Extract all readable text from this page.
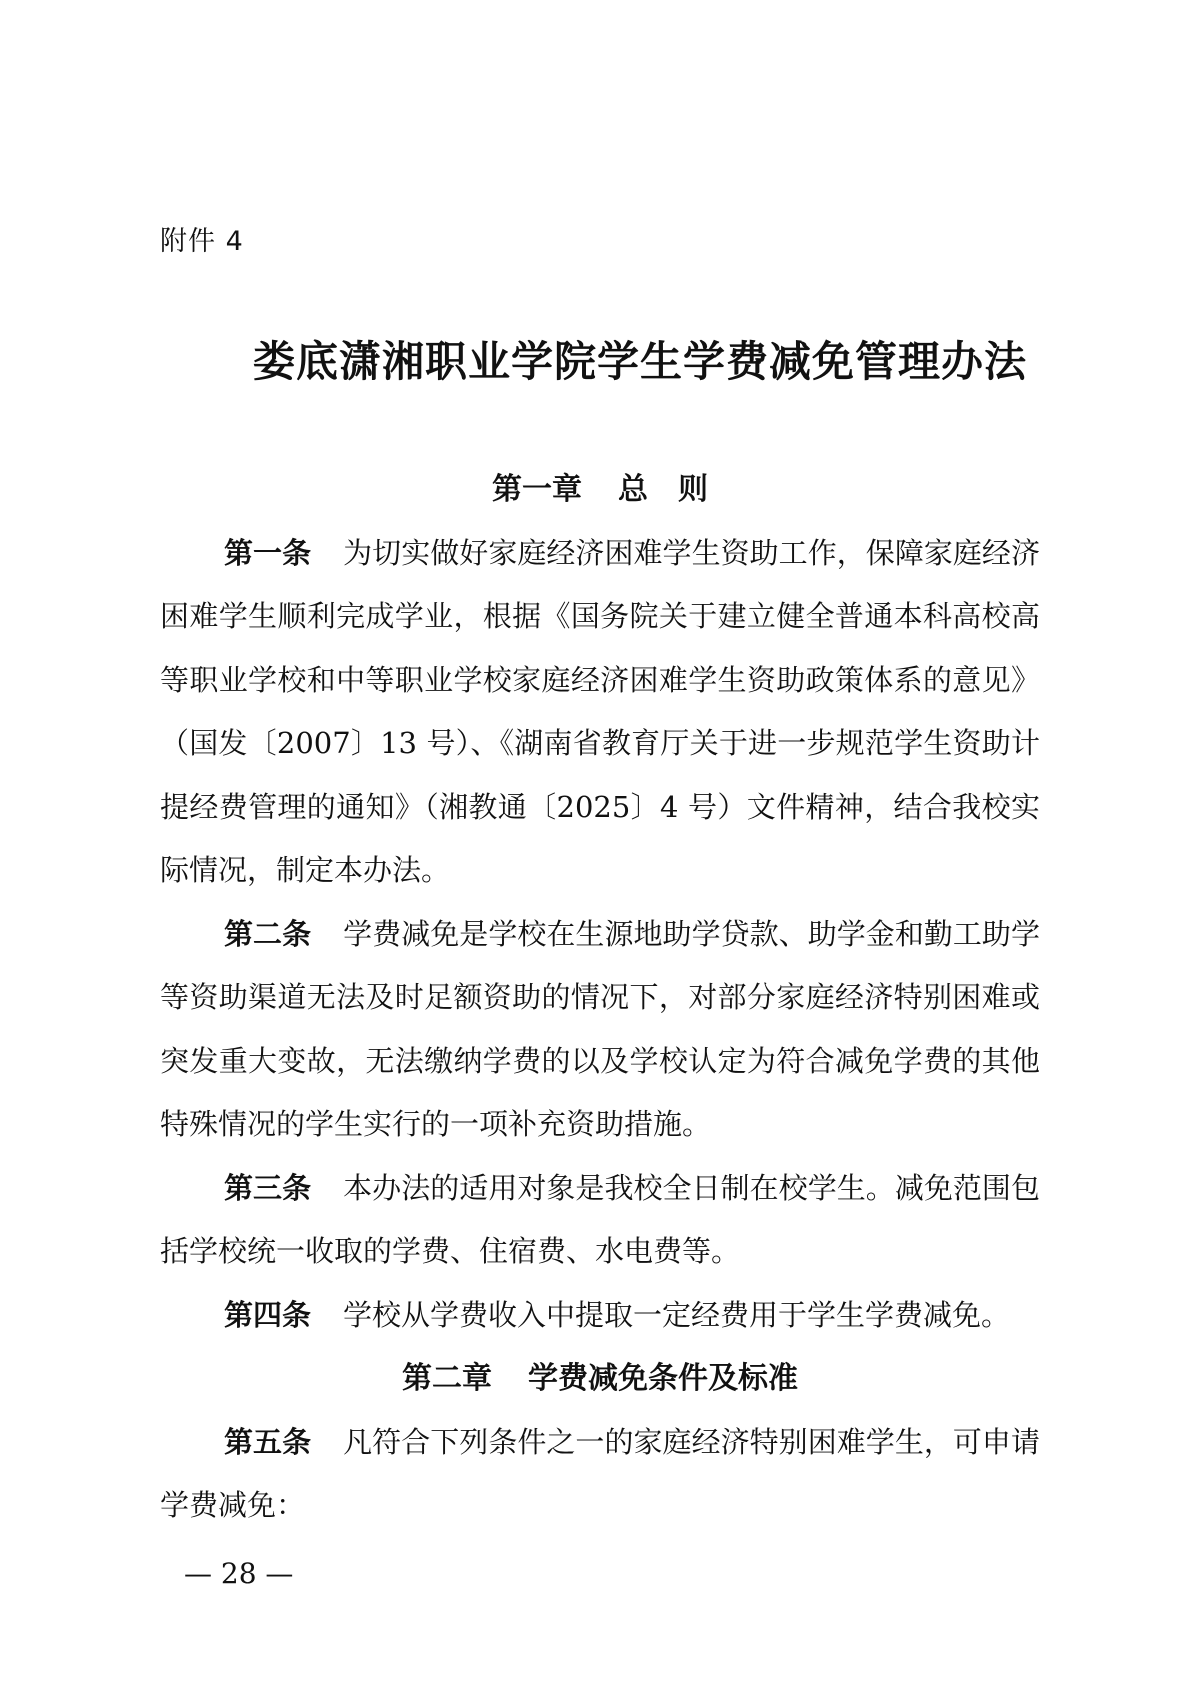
附件 4

娄底潇湘职业学院学生学费减免管理办法
第一章 总　则

第一条 为切实做好家庭经济困难学生资助工作，保障家庭经济困难学生顺利完成学业，根据《国务院关于建立健全普通本科高校高等职业学校和中等职业学校家庭经济困难学生资助政策体系的意见》（国发〔2007〕13 号）、《湖南省教育厅关于进一步规范学生资助计提经费管理的通知》（湘教通〔2025〕4 号）文件精神，结合我校实际情况，制定本办法。

第二条 学费减免是学校在生源地助学贷款、助学金和勤工助学等资助渠道无法及时足额资助的情况下，对部分家庭经济特别困难或突发重大变故，无法缴纳学费的以及学校认定为符合减免学费的其他特殊情况的学生实行的一项补充资助措施。

第三条 本办法的适用对象是我校全日制在校学生。减免范围包括学校统一收取的学费、住宿费、水电费等。

第四条 学校从学费收入中提取一定经费用于学生学费减免。

第二章 学费减免条件及标准

第五条 凡符合下列条件之一的家庭经济特别困难学生，可申请学费减免：

— 28 —
